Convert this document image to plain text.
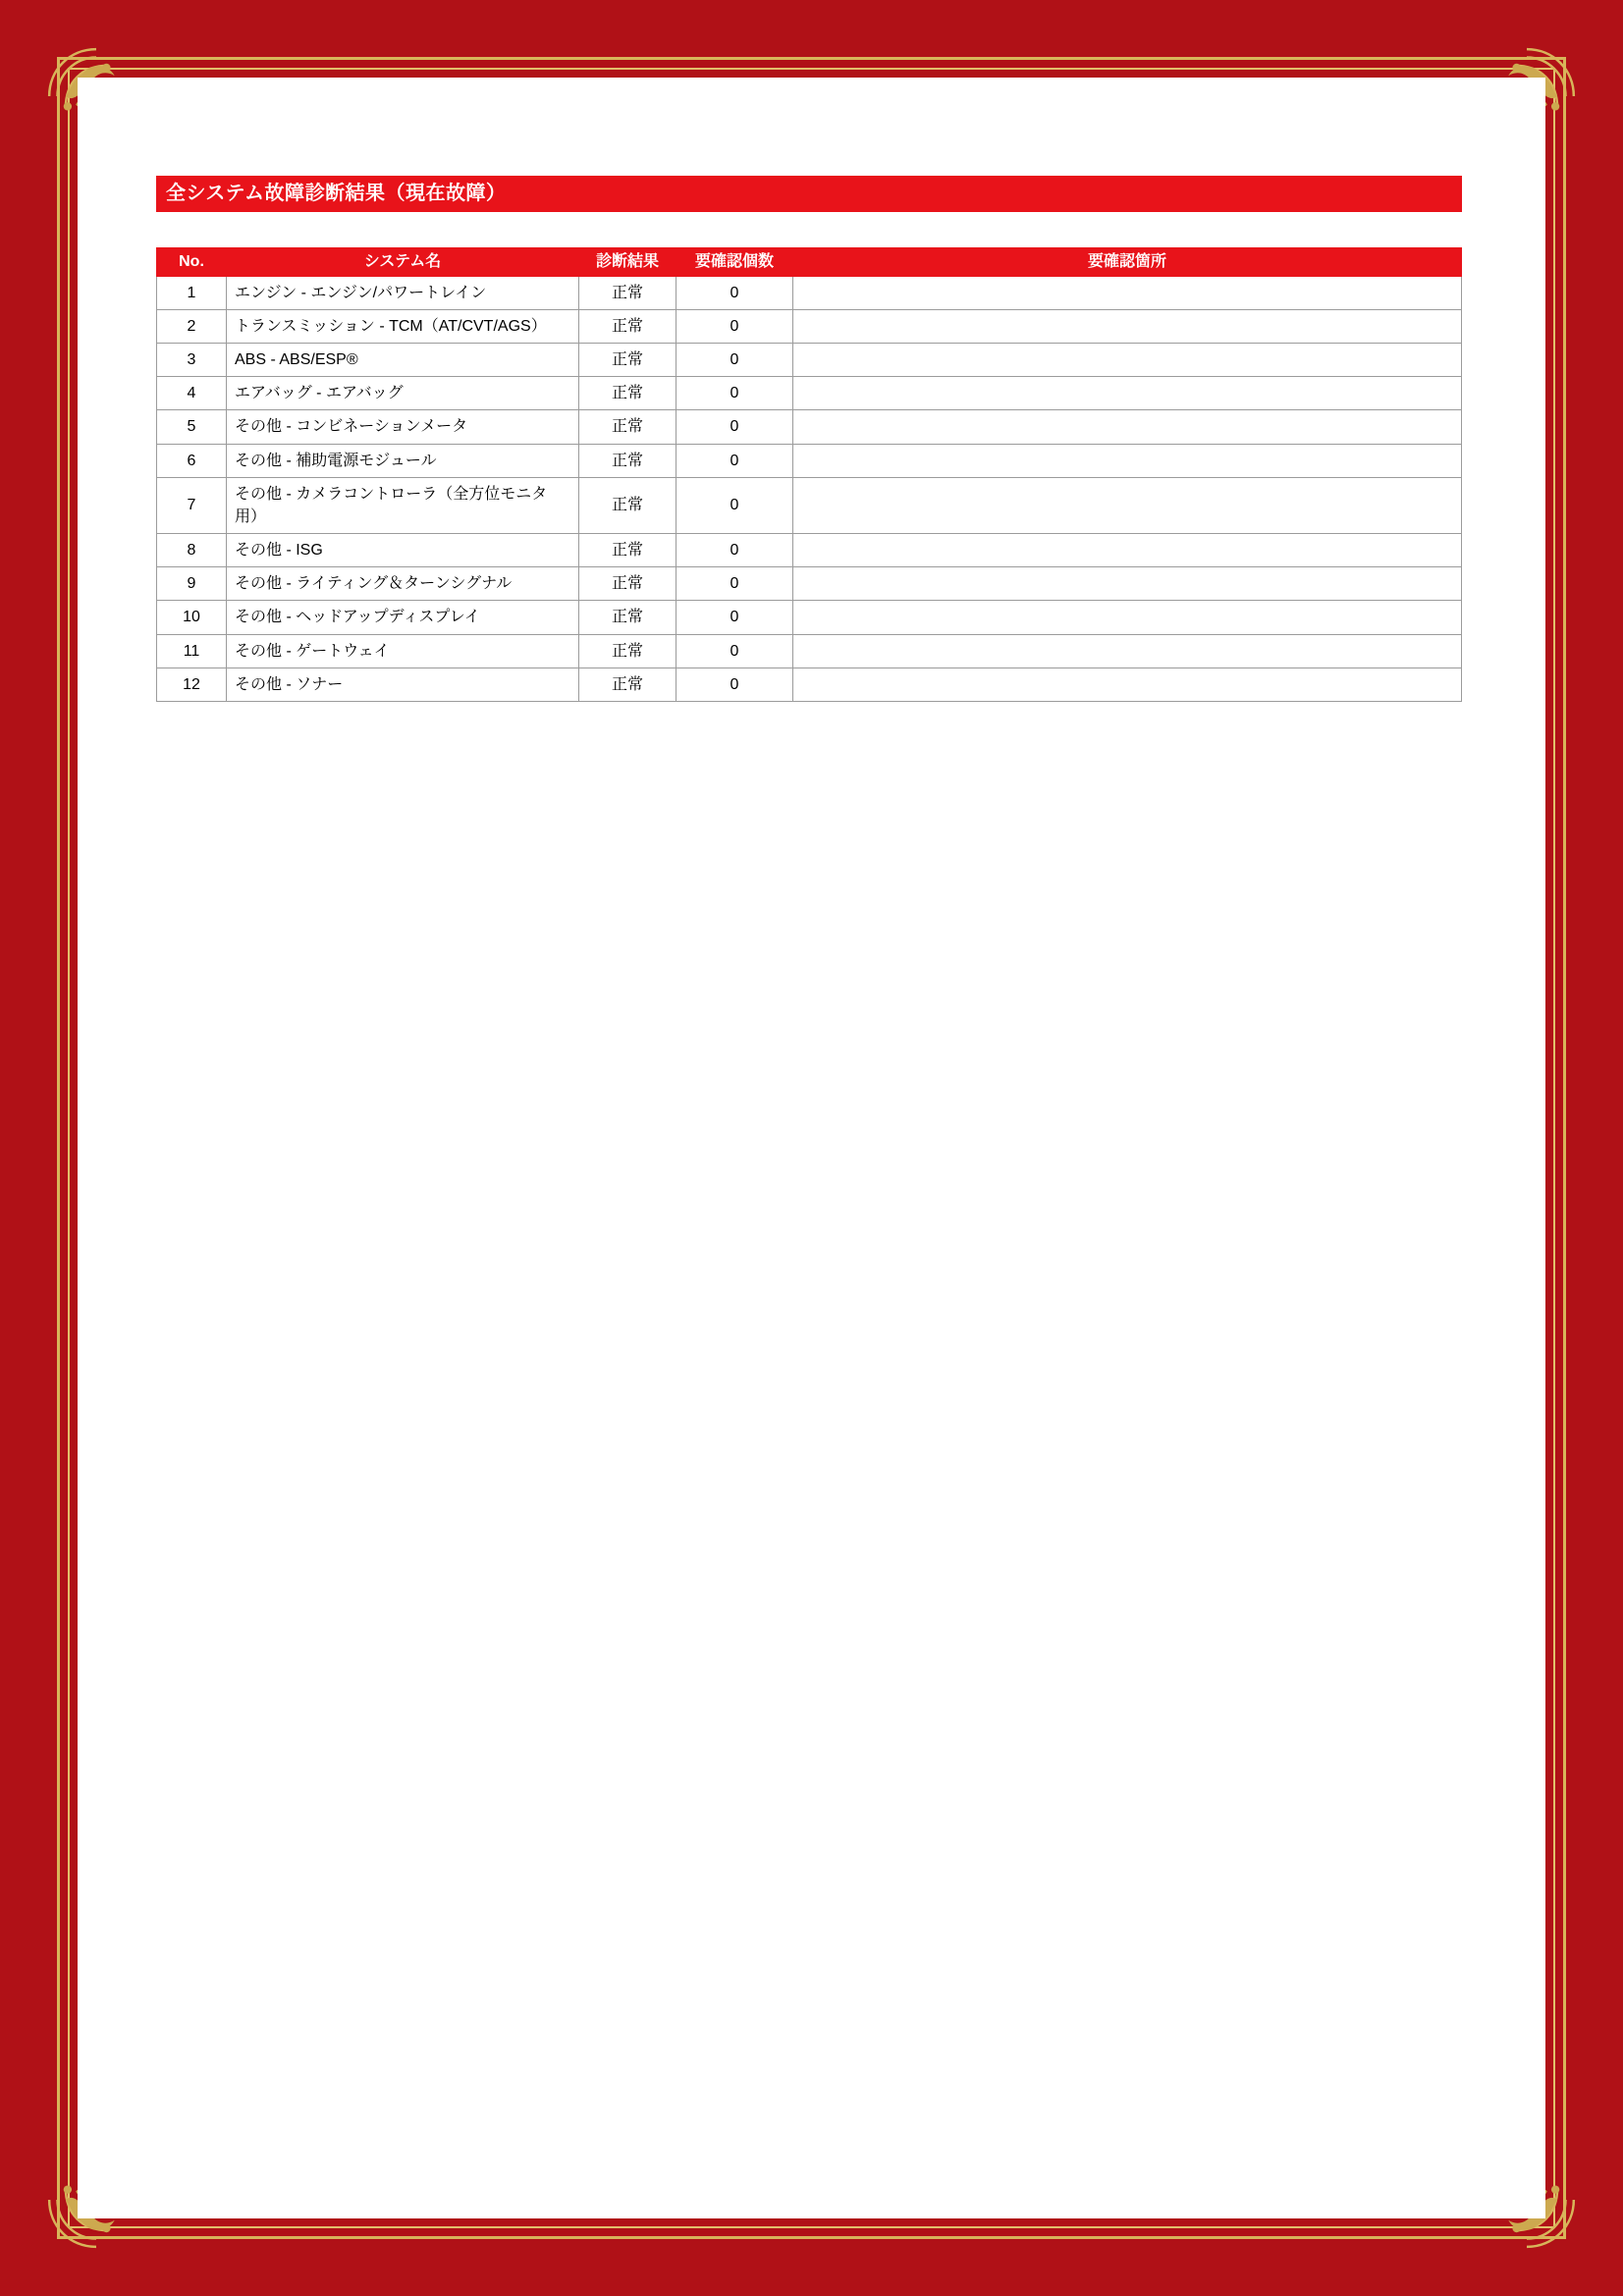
全システム故障診断結果（現在故障）
No.	システム名	診断結果	要確認個数	要確認箇所
1	エンジン - エンジン/パワートレイン	正常	0	
2	トランスミッション - TCM（AT/CVT/AGS）	正常	0	
3	ABS - ABS/ESP®	正常	0	
4	エアバッグ - エアバッグ	正常	0	
5	その他 - コンビネーションメータ	正常	0	
6	その他 - 補助電源モジュール	正常	0	
7	その他 - カメラコントローラ（全方位モニタ用）	正常	0	
8	その他 - ISG	正常	0	
9	その他 - ライティング＆ターンシグナル	正常	0	
10	その他 - ヘッドアップディスプレイ	正常	0	
11	その他 - ゲートウェイ	正常	0	
12	その他 - ソナー	正常	0	
